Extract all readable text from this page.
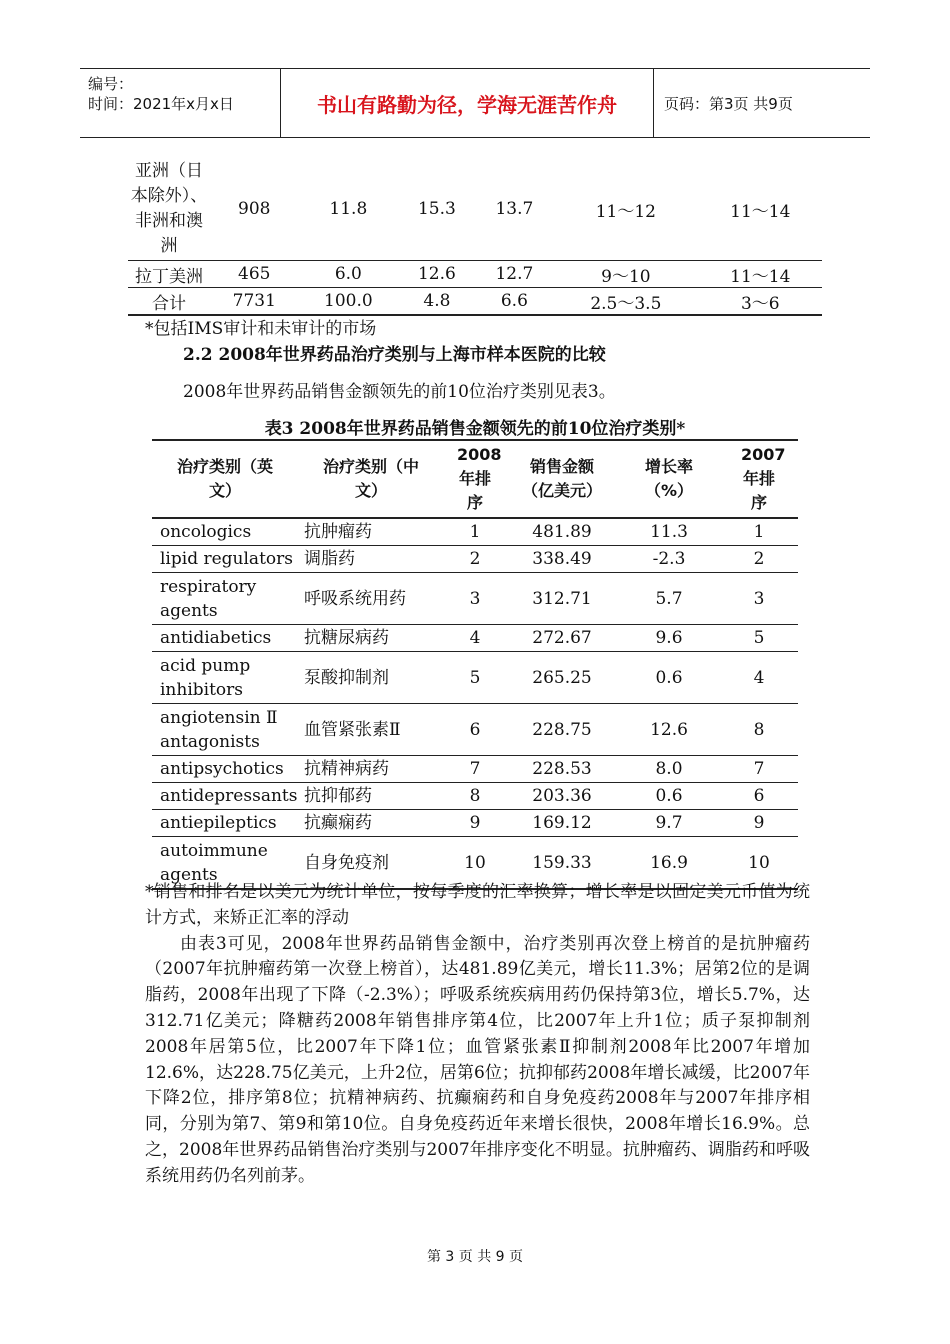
编号：
时间：2021年x月x日	书山有路勤为径，学海无涯苦作舟	页码：第3页 共9页
亚洲（日本除外）、非洲和澳洲	908	11.8	15.3	13.7	11～12	11～14
拉丁美洲	465	6.0	12.6	12.7	9～10	11～14
合计	7731	100.0	4.8	6.6	2.5～3.5	3～6
*包括IMS审计和未审计的市场
2.2 2008年世界药品治疗类别与上海市样本医院的比较
2008年世界药品销售金额领先的前10位治疗类别见表3。
表3 2008年世界药品销售金额领先的前10位治疗类别*
治疗类别（英文）	治疗类别（中文）	2008年排序	销售金额（亿美元）	增长率（%）	2007年排序

oncologics	抗肿瘤药	1	481.89	11.3	1
lipid regulators	调脂药	2	338.49	-2.3	2

respiratory agents	呼吸系统用药	3	312.71	5.7	3
antidiabetics	抗糖尿病药	4	272.67	9.6	5

acid pump inhibitors	泵酸抑制剂	5	265.25	0.6	4

angiotensin Ⅱ antagonists	血管紧张素Ⅱ	6	228.75	12.6	8
antipsychotics	抗精神病药	7	228.53	8.0	7
antidepressants	抗抑郁药	8	203.36	0.6	6
antiepileptics	抗癫痫药	9	169.12	9.7	9

autoimmune agents	自身免疫剂	10	159.33	16.9	10

*销售和排名是以美元为统计单位，按每季度的汇率换算；增长率是以固定美元币值为统计方式，来矫正汇率的浮动

由表3可见，2008年世界药品销售金额中，治疗类别再次登上榜首的是抗肿瘤药（2007年抗肿瘤药第一次登上榜首），达481.89亿美元，增长11.3%；居第2位的是调脂药，2008年出现了下降（-2.3%）；呼吸系统疾病用药仍保持第3位，增长5.7%，达312.71亿美元；降糖药2008年销售排序第4位，比2007年上升1位；质子泵抑制剂2008年居第5位，比2007年下降1位；血管紧张素Ⅱ抑制剂2008年比2007年增加12.6%，达228.75亿美元，上升2位，居第6位；抗抑郁药2008年增长减缓，比2007年下降2位，排序第8位；抗精神病药、抗癫痫药和自身免疫药2008年与2007年排序相同，分别为第7、第9和第10位。自身免疫药近年来增长很快，2008年增长16.9%。总之，2008年世界药品销售治疗类别与2007年排序变化不明显。抗肿瘤药、调脂药和呼吸系统用药仍名列前茅。

第 3 页 共 9 页
